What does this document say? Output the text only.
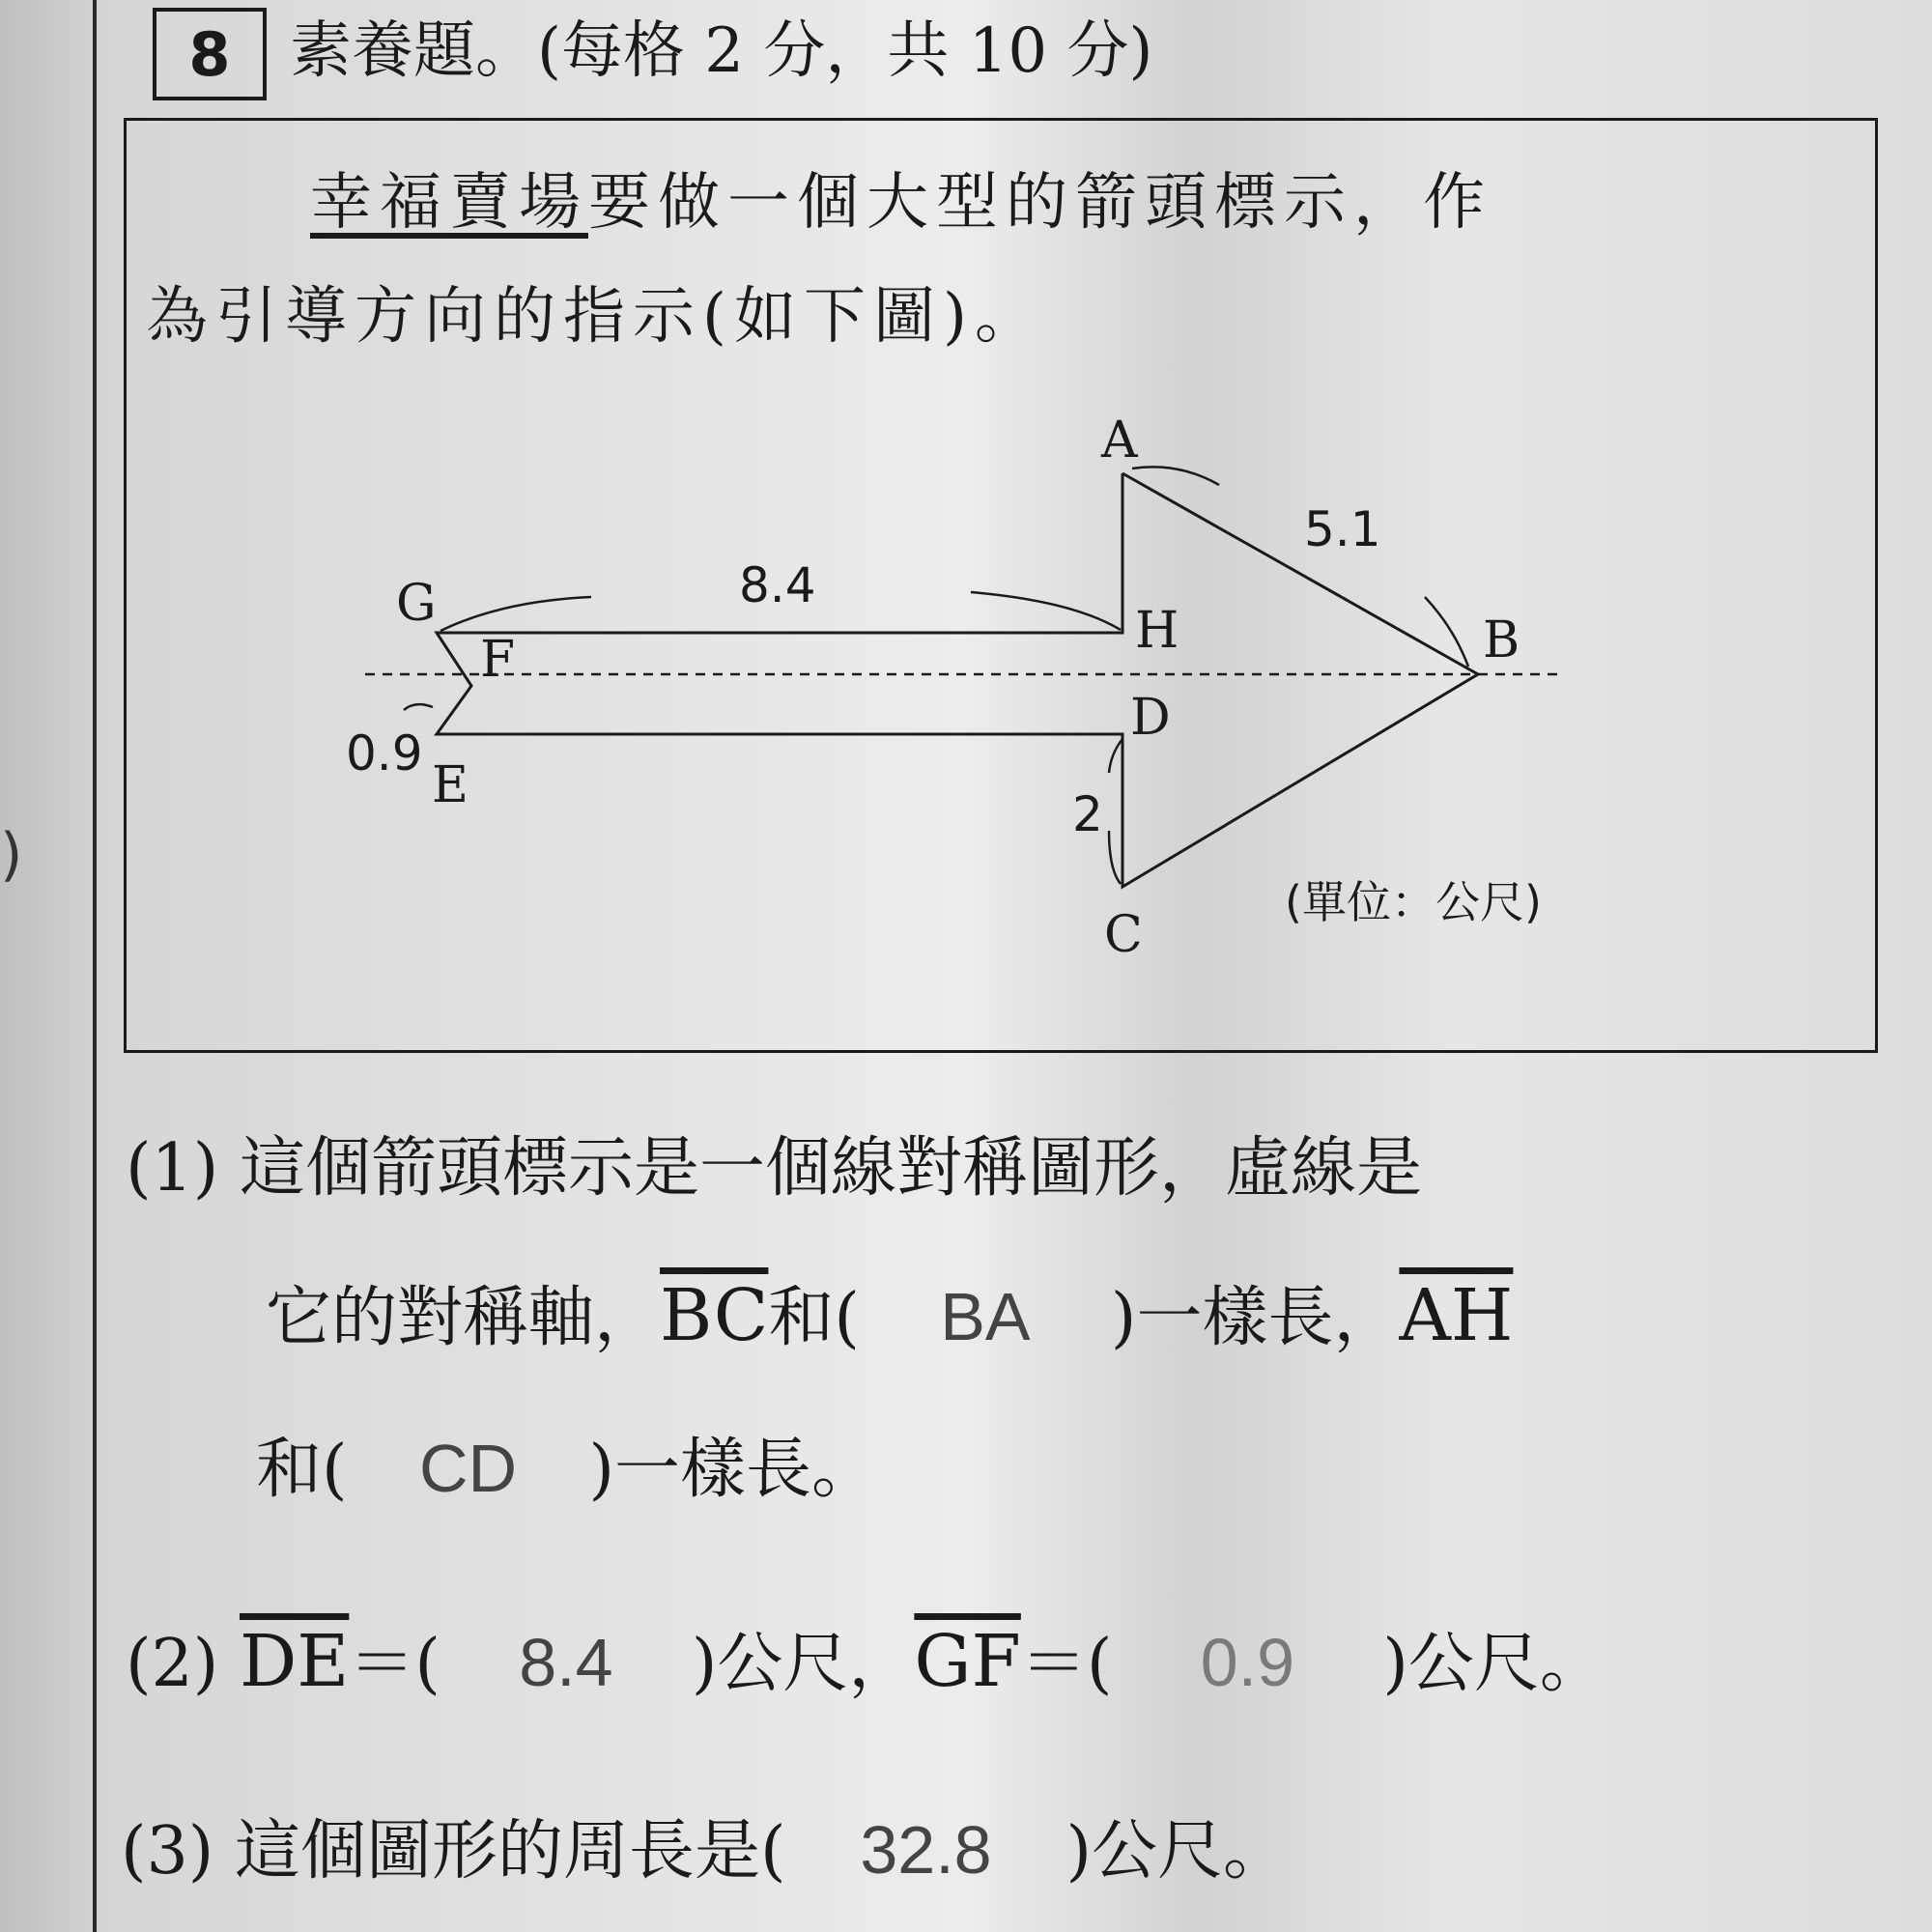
)
8 素養題。(每格 2 分，共 10 分)
幸福賣場要做一個大型的箭頭標示，作
為引導方向的指示(如下圖)。
A
B
C
D
E
F
G	H
5.1
8.4
0.9
2
(單位：公尺)
(1) 這個箭頭標示是一個線對稱圖形，虛線是
它的對稱軸，$\overline{BC}$和( BA )一樣長，$\overline{AH}$
和( CD )一樣長。
(2) $\overline{DE}=$( 8.4 )公尺，$\overline{GF}=$( 0.9 )公尺。
(3) 這個圖形的周長是( 32.8 )公尺。
